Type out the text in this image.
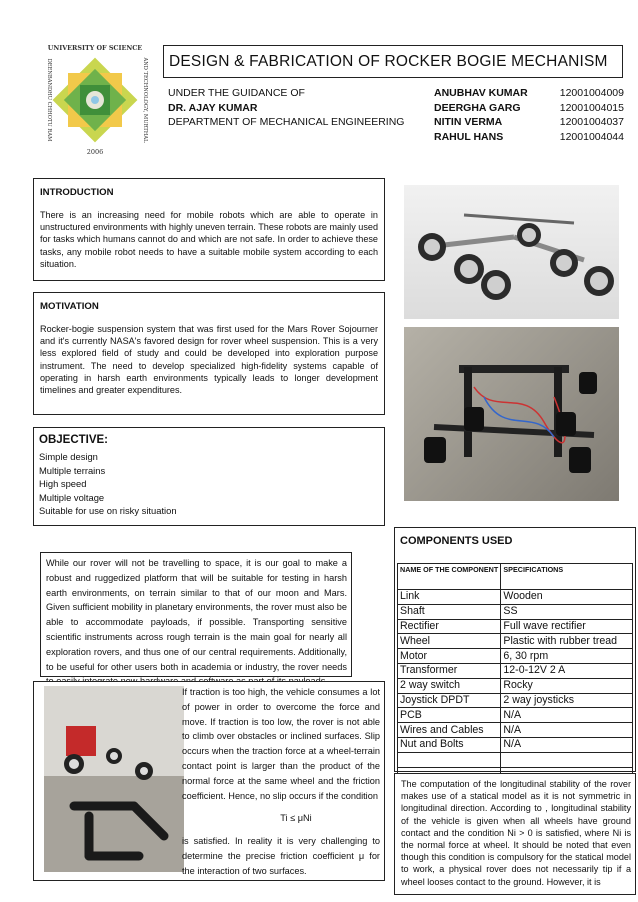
UNIVERSITY OF SCIENCE
DEENBANDHU CHHOTU RAM	AND TECHNOLOGY, MURTHAL
2006
DESIGN & FABRICATION OF ROCKER BOGIE MECHANISM
UNDER THE GUIDANCE OF
DR. AJAY KUMAR
DEPARTMENT OF MECHANICAL ENGINEERING
ANUBHAV KUMAR	12001004009
DEERGHA GARG	12001004015
NITIN VERMA	12001004037
RAHUL HANS	12001004044
INTRODUCTION
There is an increasing need for mobile robots which are able to operate in unstructured environments with highly uneven terrain. These robots are mainly used for tasks which humans cannot do and which are not safe. In order to achieve these tasks, any mobile robot needs to have a suitable mobile system according to each situation.
MOTIVATION
Rocker-bogie suspension system that was first used for the Mars Rover Sojourner and it's currently NASA's favored design for rover wheel suspension. This is a very less explored field of study and could be developed into exploration purpose instrument. The need to develop specialized high-fidelity systems capable of operating in harsh earth environments typically leads to longer development timelines and greater expenditures.
OBJECTIVE:
Simple design
Multiple terrains
High speed
Multiple voltage
Suitable for use on risky situation
While our rover will not be travelling to space, it is our goal to make a robust and ruggedized platform that will be suitable for testing in harsh earth environments, on terrain similar to that of our moon and Mars. Given sufficient mobility in planetary environments, the rover must also be able to accommodate payloads, if possible. Transporting sensitive scientific instruments across rough terrain is the main goal for nearly all exploration rovers, and thus one of our central requirements. Additionally, to be useful for other users both in academia or industry, the rover needs
If traction is too high, the vehicle consumes a lot of power in order to overcome the force and move. If traction is too low, the rover is not able to climb over obstacles or inclined surfaces. Slip occurs when the traction force at a wheel-terrain contact point is larger than the product of the normal force at the same wheel and the friction coefficient. Hence, no slip occurs if the condition
Ti ≤ μNi
is satisfied. In reality it is very challenging to determine the precise friction coefficient μ for the interaction of two surfaces.
COMPONENTS USED
NAME OF THE COMPONENT	SPECIFICATIONS
Link	Wooden
Shaft	SS
Rectifier	Full wave rectifier
Wheel	Plastic with rubber tread
Motor	6, 30 rpm
Transformer	12-0-12V 2 A
2 way switch	Rocky
Joystick DPDT	2 way joysticks
PCB	N/A
Wires and Cables	N/A
Nut and Bolts	N/A

The computation of the longitudinal stability of the rover makes use of a statical model as it is not symmetric in longitudinal direction. According to , longitudinal stability of the vehicle is given when all wheels have ground contact and the condition Ni > 0 is satisfied, where Ni is the normal force at wheel. It should be noted that even though this condition is compulsory for the statical model to work, a physical rover does not necessarily tip if a wheel looses contact to the ground. However, it is
